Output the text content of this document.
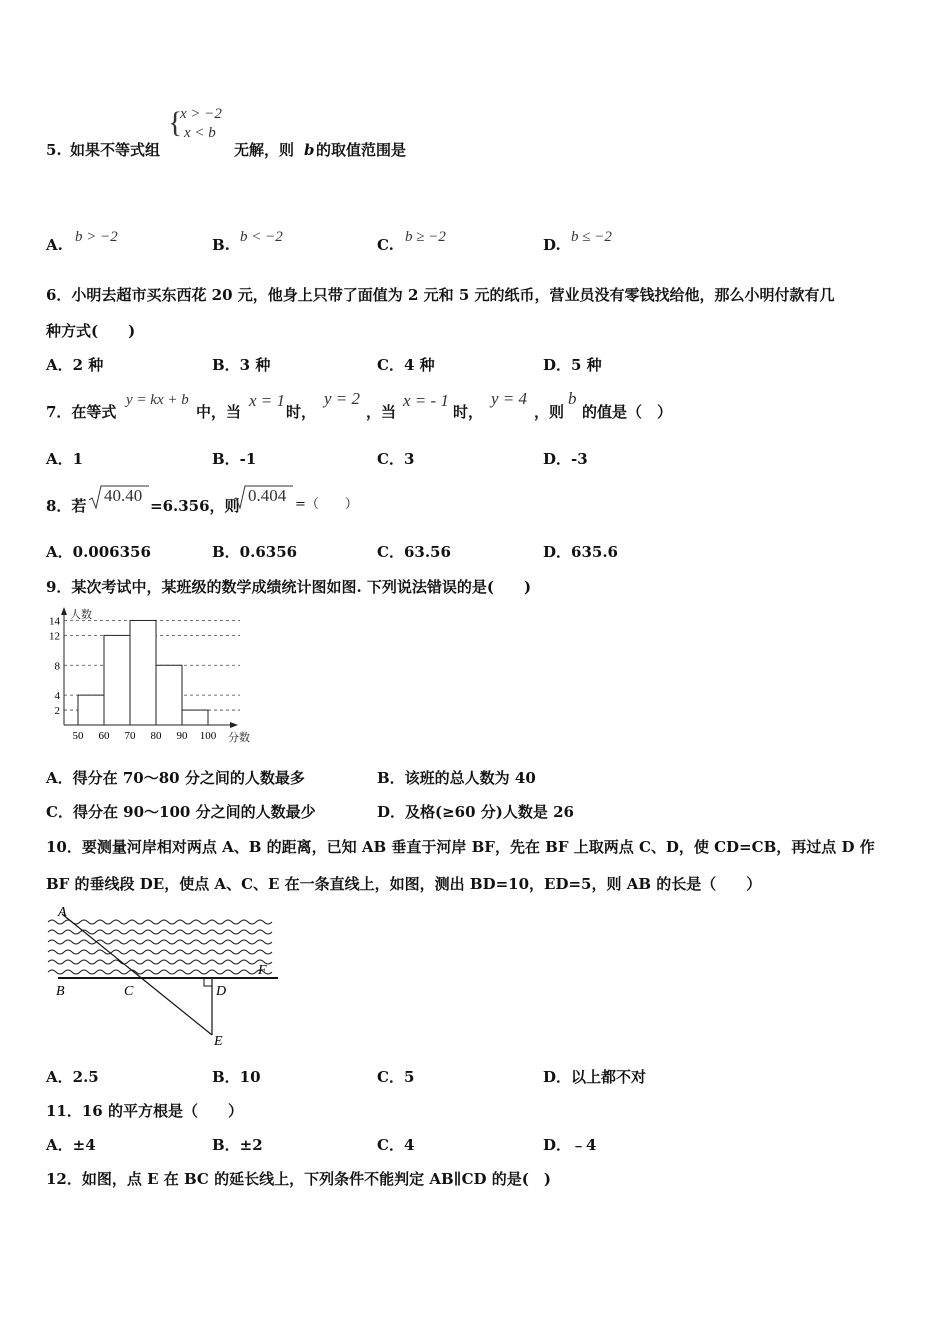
5. 如果不等式组
{
x > −2
x < b
无解，则 b 的取值范围是
A. b > −2	B. b < −2	C. b ≥ −2	D. b ≤ −2
6．小明去超市买东西花 20 元，他身上只带了面值为 2 元和 5 元的纸币，营业员没有零钱找给他，那么小明付款有几
种方式(　　)
A．2 种	B．3 种	C．4 种	D．5 种
7．在等式
y = kx + b
中，当
x = 1
时，
y = 2
，当
x = - 1
时，
y = 4
，则
b
的值是（　）
A．1	B．-1	C．3	D．-3
8．若
40.40
=6.356，则
0.404 =（　　）
A．0.006356	B．0.6356	C．63.56	D．635.6
9．某次考试中，某班级的数学成绩统计图如图. 下列说法错误的是(　　)
2
4
8
12
14
50 60 70 80 90 100
人数
分数
A．得分在 70～80 分之间的人数最多	B．该班的总人数为 40
C．得分在 90～100 分之间的人数最少	D．及格(≥60 分)人数是 26
10．要测量河岸相对两点 A、B 的距离，已知 AB 垂直于河岸 BF，先在 BF 上取两点 C、D，使 CD=CB，再过点 D 作
BF 的垂线段 DE，使点 A、C、E 在一条直线上，如图，测出 BD=10，ED=5，则 AB 的长是（　　）
A
B	C	D
E
F
A．2.5	B．10	C．5	D．以上都不对
11．16 的平方根是（　　）
A．±4	B．±2	C．4	D．﹣4
12．如图，点 E 在 BC 的延长线上，下列条件不能判定 AB∥CD 的是(　)
